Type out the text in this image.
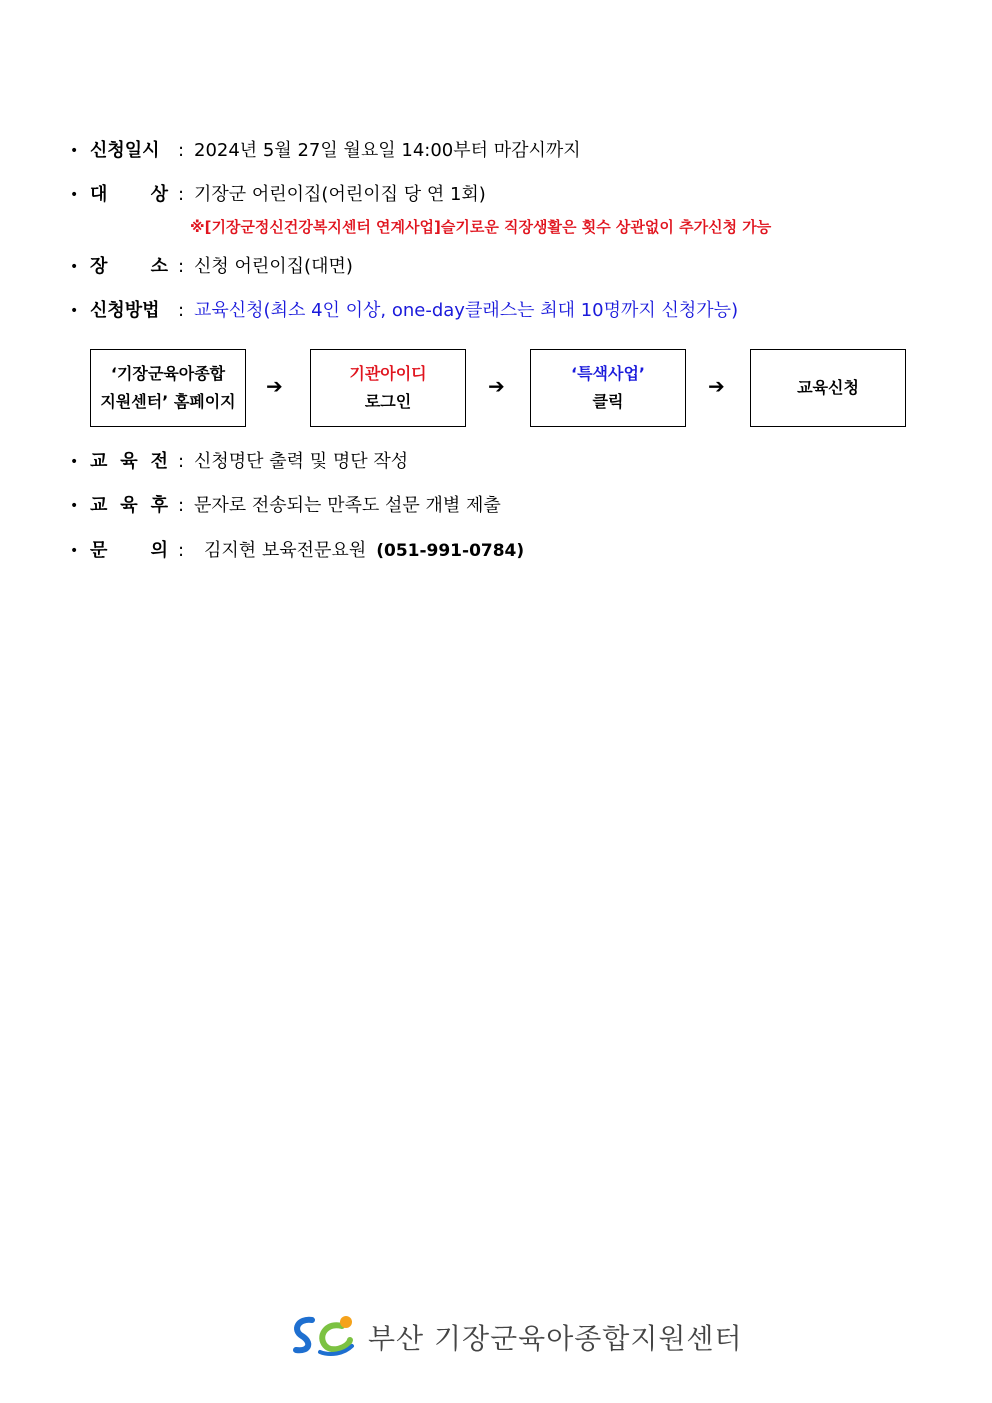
• 신청일시	: 2024년 5월 27일 월요일 14:00부터 마감시까지
• 대 상 : 기장군 어린이집(어린이집 당 연 1회)
※[기장군정신건강복지센터 연계사업]슬기로운 직장생활은 횟수 상관없이 추가신청 가능
• 장 소 : 신청 어린이집(대면)
• 신청방법	: 교육신청(최소 4인 이상, one-day클래스는 최대 10명까지 신청가능)
‘기장군육아종합
지원센터’ 홈페이지
➔
기관아이디
로그인
➔
‘특색사업’
클릭
➔	교육신청
• 교 육 전 : 신청명단 출력 및 명단 작성
• 교 육 후 : 문자로 전송되는 만족도 설문 개별 제출
• 문 의 :	김지현 보육전문요원 (051-991-0784)
부산 기장군육아종합지원센터
